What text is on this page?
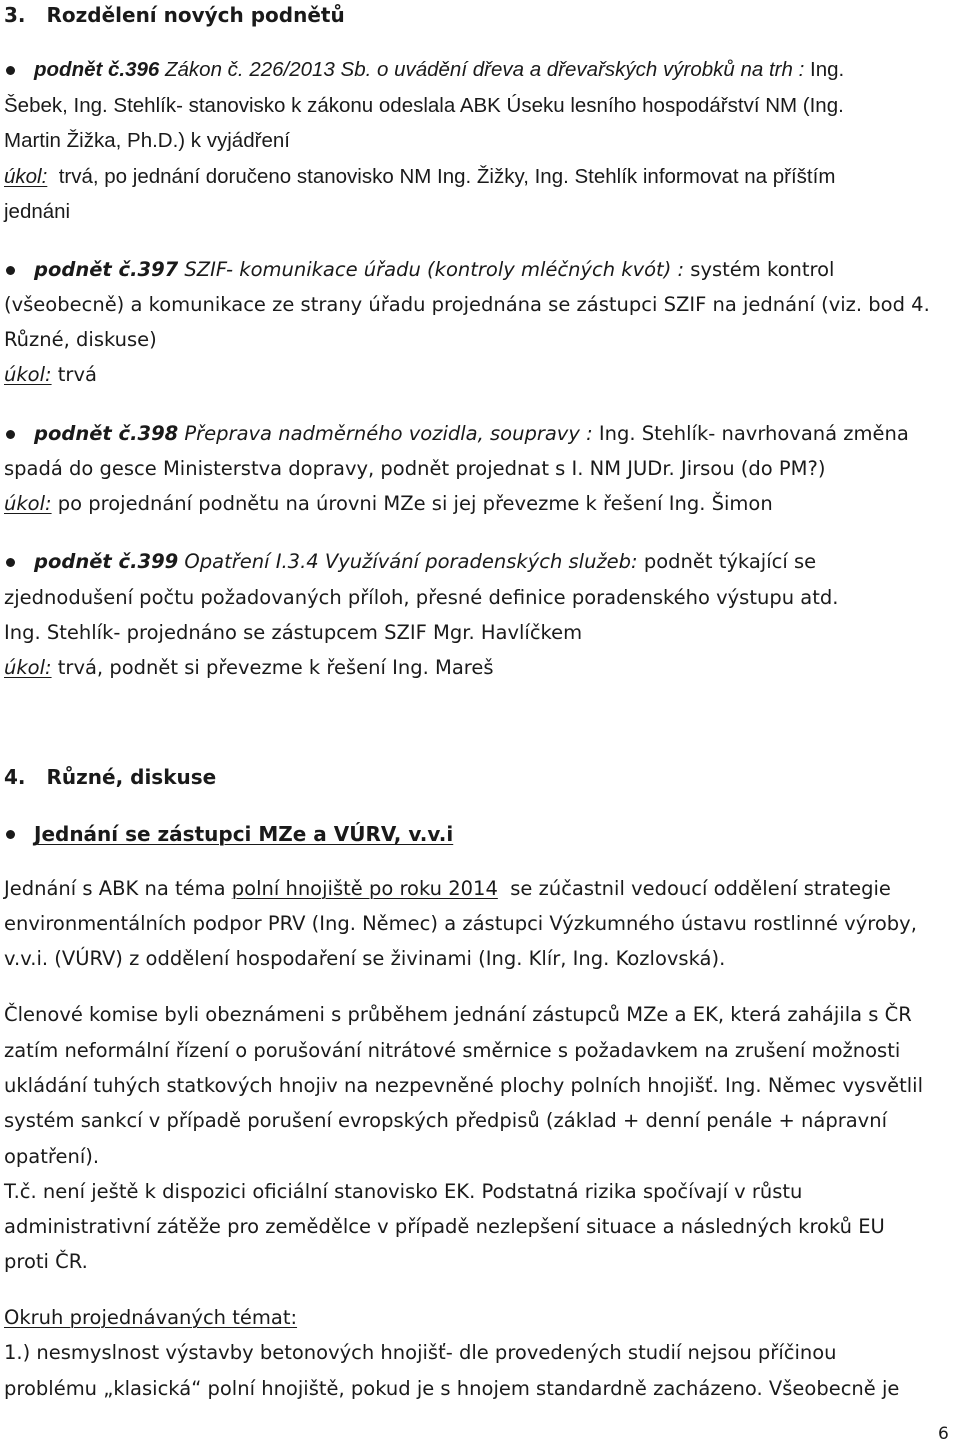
3. Rozdělení nových podnětů
podnět č.396 Zákon č. 226/2013 Sb. o uvádění dřeva a dřevařských výrobků na trh : Ing.
Šebek, Ing. Stehlík- stanovisko k zákonu odeslala ABK Úseku lesního hospodářství NM (Ing.
Martin Žižka, Ph.D.) k vyjádření
úkol:  trvá, po jednání doručeno stanovisko NM Ing. Žižky, Ing. Stehlík informovat na příštím
jednáni
podnět č.397 SZIF- komunikace úřadu (kontroly mléčných kvót) : systém kontrol
(všeobecně) a komunikace ze strany úřadu projednána se zástupci SZIF na jednání (viz. bod 4.
Různé, diskuse)
úkol: trvá
podnět č.398 Přeprava nadměrného vozidla, soupravy : Ing. Stehlík- navrhovaná změna
spadá do gesce Ministerstva dopravy, podnět projednat s I. NM JUDr. Jirsou (do PM?)
úkol: po projednání podnětu na úrovni MZe si jej převezme k řešení Ing. Šimon
podnět č.399 Opatření I.3.4 Využívání poradenských služeb: podnět týkající se
zjednodušení počtu požadovaných příloh, přesné definice poradenského výstupu atd.
Ing. Stehlík- projednáno se zástupcem SZIF Mgr. Havlíčkem
úkol: trvá, podnět si převezme k řešení Ing. Mareš
4. Různé, diskuse
Jednání se zástupci MZe a VÚRV, v.v.i
Jednání s ABK na téma polní hnojiště po roku 2014  se zúčastnil vedoucí oddělení strategie
environmentálních podpor PRV (Ing. Němec) a zástupci Výzkumného ústavu rostlinné výroby,
v.v.i. (VÚRV) z oddělení hospodaření se živinami (Ing. Klír, Ing. Kozlovská).
Členové komise byli obeznámeni s průběhem jednání zástupců MZe a EK, která zahájila s ČR
zatím neformální řízení o porušování nitrátové směrnice s požadavkem na zrušení možnosti
ukládání tuhých statkových hnojiv na nezpevněné plochy polních hnojišť. Ing. Němec vysvětlil
systém sankcí v případě porušení evropských předpisů (základ + denní penále + nápravní
opatření).
T.č. není ještě k dispozici oficiální stanovisko EK. Podstatná rizika spočívají v růstu
administrativní zátěže pro zemědělce v případě nezlepšení situace a následných kroků EU
proti ČR.
Okruh projednávaných témat:
1.) nesmyslnost výstavby betonových hnojišť- dle provedených studií nejsou příčinou
problému „klasická“ polní hnojiště, pokud je s hnojem standardně zacházeno. Všeobecně je
6
